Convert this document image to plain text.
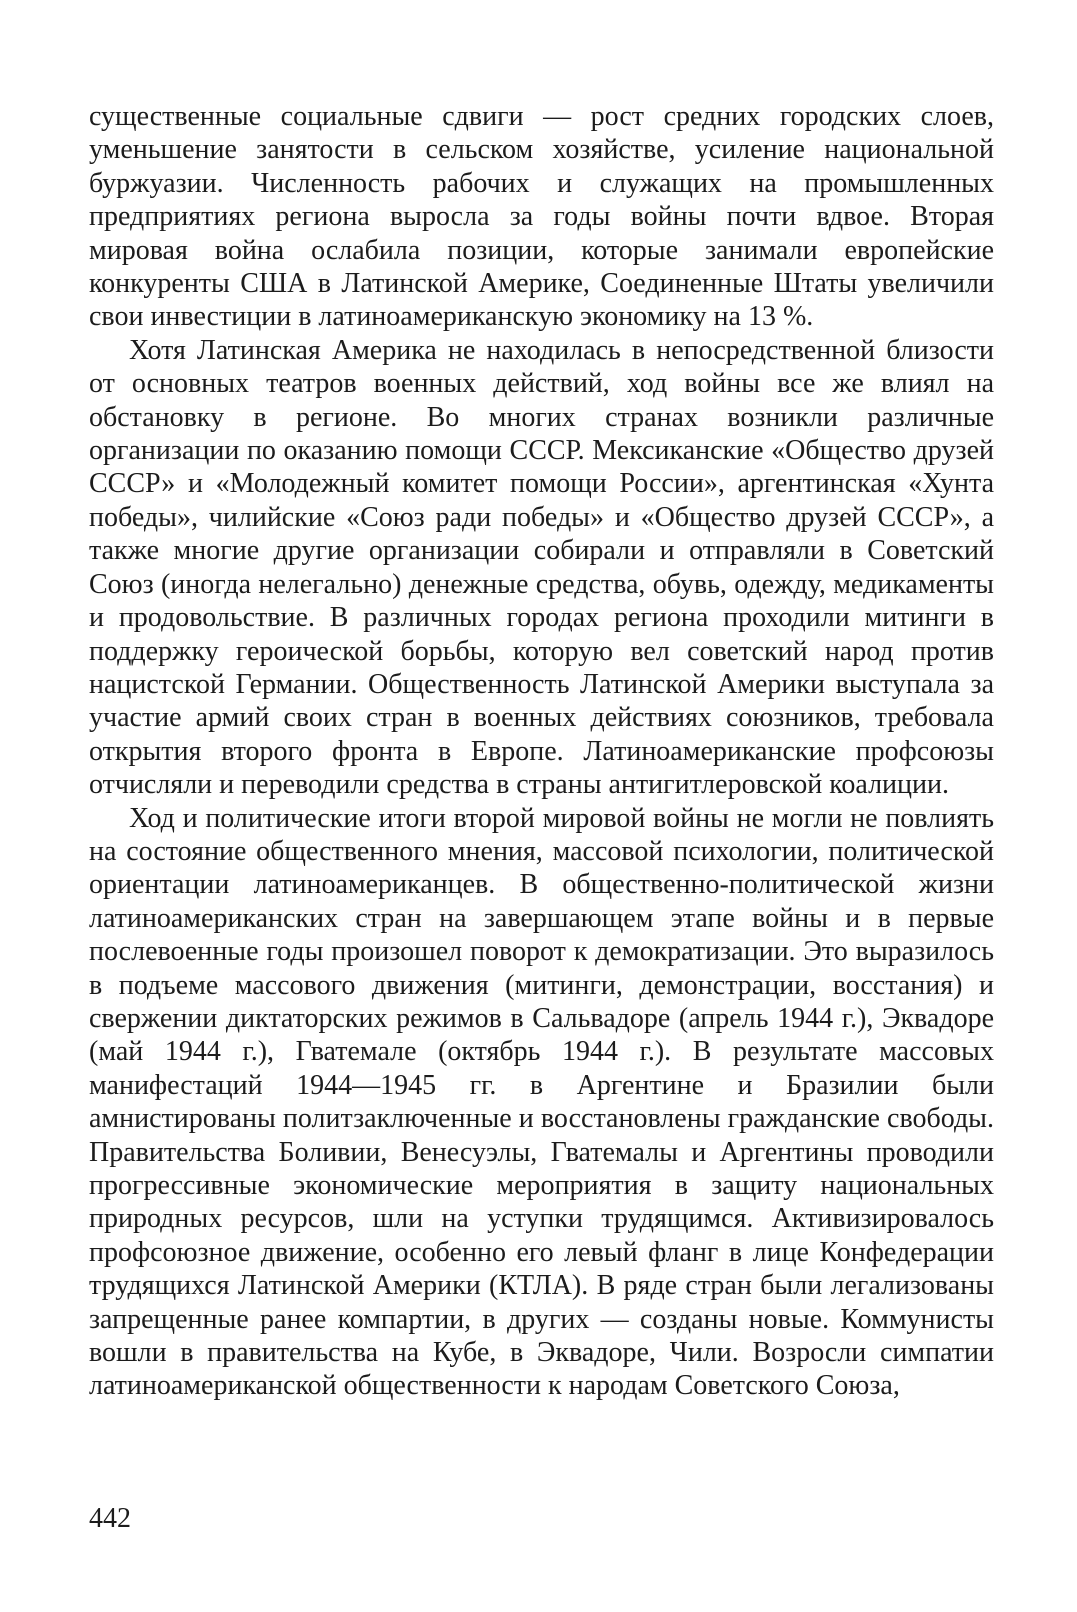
существенные социальные сдвиги — рост средних городских слоев, уменьшение занятости в сельском хозяйстве, усиление национальной буржуазии. Численность рабочих и служащих на промышленных предприятиях региона выросла за годы войны почти вдвое. Вторая мировая война ослабила позиции, которые занимали европейские конкуренты США в Латинской Америке, Соединенные Штаты увеличили свои инвестиции в латиноамериканскую экономику на 13 %.

Хотя Латинская Америка не находилась в непосредственной близости от основных театров военных действий, ход войны все же влиял на обстановку в регионе. Во многих странах возникли различные организации по оказанию помощи СССР. Мексиканские «Общество друзей СССР» и «Молодежный комитет помощи России», аргентинская «Хунта победы», чилийские «Союз ради победы» и «Общество друзей СССР», а также многие другие организации собирали и отправляли в Советский Союз (иногда нелегально) денежные средства, обувь, одежду, медикаменты и продовольствие. В различных городах региона проходили митинги в поддержку героической борьбы, которую вел советский народ против нацистской Германии. Общественность Латинской Америки выступала за участие армий своих стран в военных действиях союзников, требовала открытия второго фронта в Европе. Латиноамериканские профсоюзы отчисляли и переводили средства в страны антигитлеровской коалиции.

Ход и политические итоги второй мировой войны не могли не повлиять на состояние общественного мнения, массовой психологии, политической ориентации латиноамериканцев. В общественно-политической жизни латиноамериканских стран на завершающем этапе войны и в первые послевоенные годы произошел поворот к демократизации. Это выразилось в подъеме массового движения (митинги, демонстрации, восстания) и свержении диктаторских режимов в Сальвадоре (апрель 1944 г.), Эквадоре (май 1944 г.), Гватемале (октябрь 1944 г.). В результате массовых манифестаций 1944—1945 гг. в Аргентине и Бразилии были амнистированы политзаключенные и восстановлены гражданские свободы. Правительства Боливии, Венесуэлы, Гватемалы и Аргентины проводили прогрессивные экономические мероприятия в защиту национальных природных ресурсов, шли на уступки трудящимся. Активизировалось профсоюзное движение, особенно его левый фланг в лице Конфедерации трудящихся Латинской Америки (КТЛА). В ряде стран были легализованы запрещенные ранее компартии, в других — созданы новые. Коммунисты вошли в правительства на Кубе, в Эквадоре, Чили. Возросли симпатии латиноамериканской общественности к народам Советского Союза,

442
